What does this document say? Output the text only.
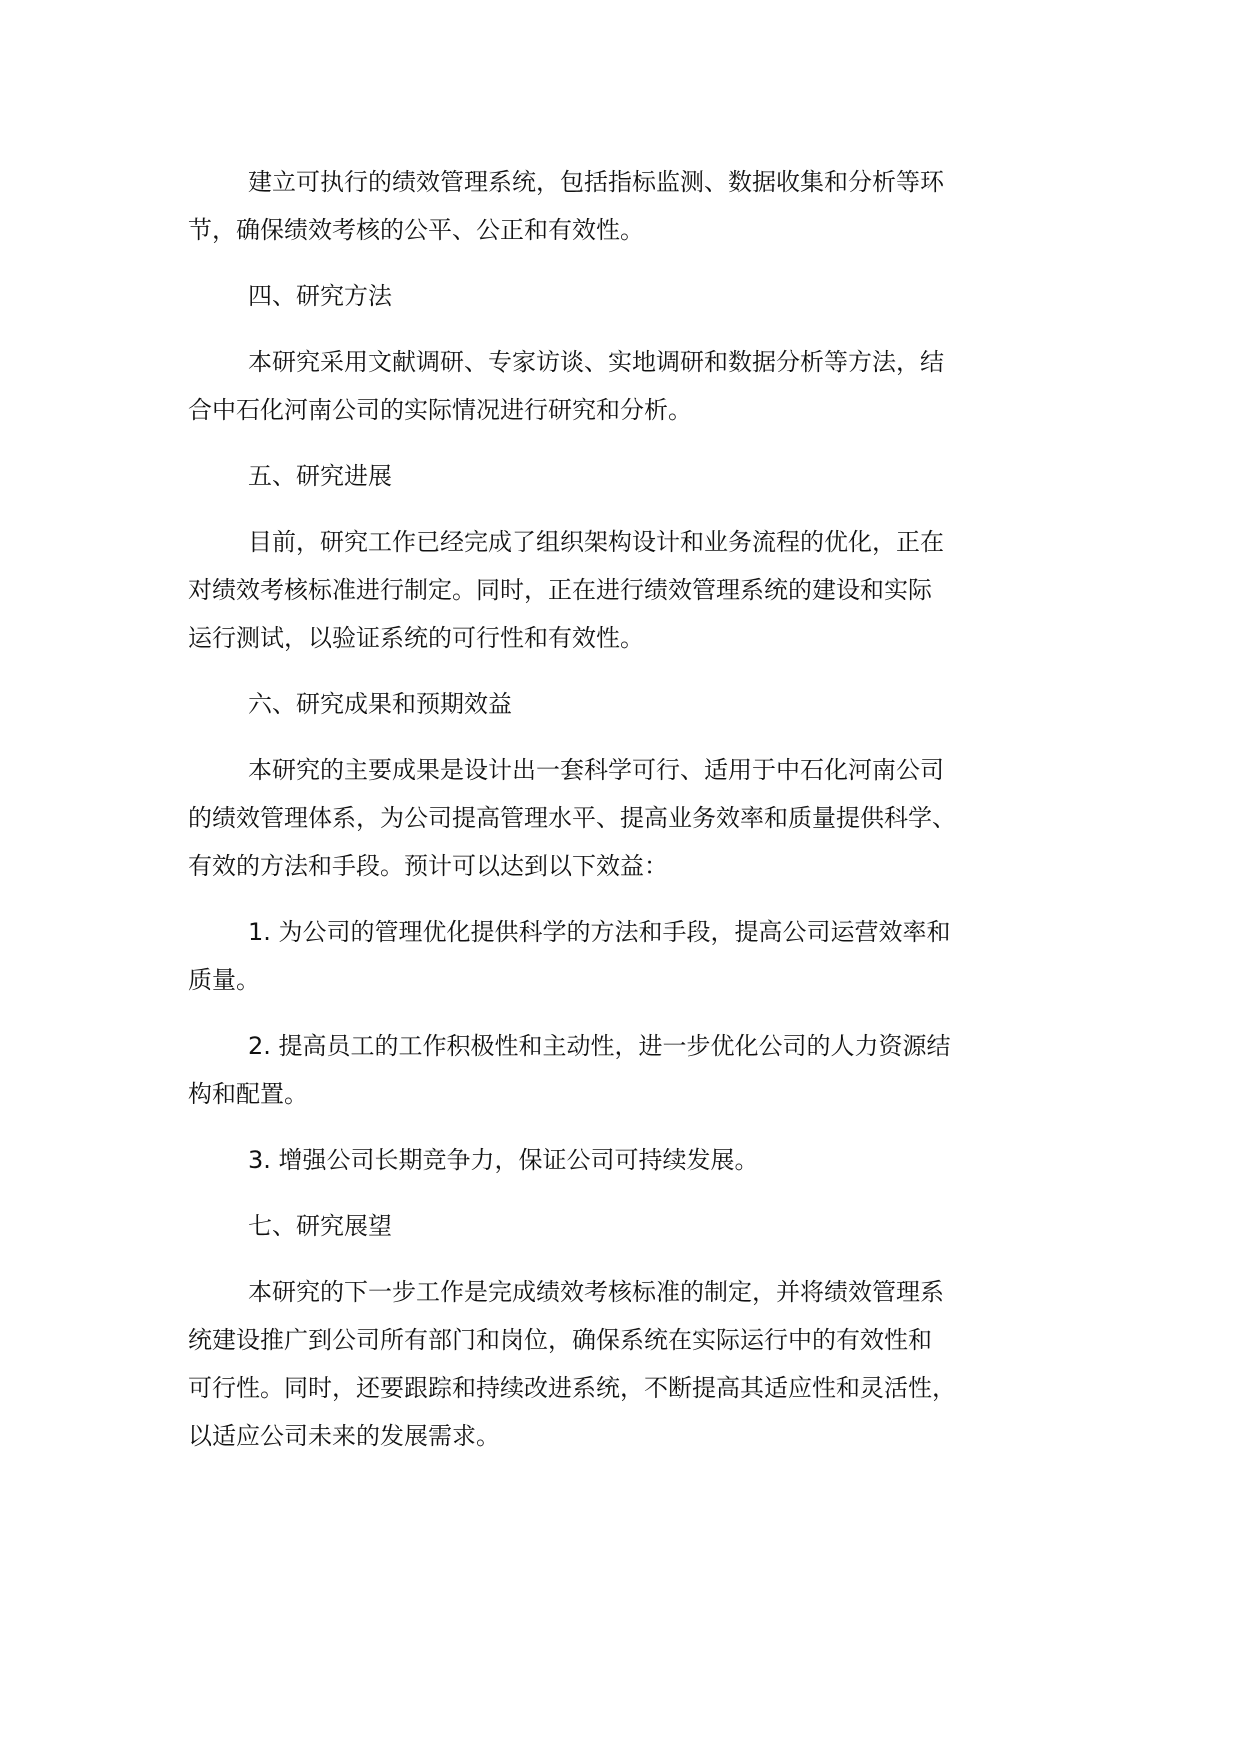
建立可执行的绩效管理系统，包括指标监测、数据收集和分析等环
节，确保绩效考核的公平、公正和有效性。
四、研究方法
本研究采用文献调研、专家访谈、实地调研和数据分析等方法，结
合中石化河南公司的实际情况进行研究和分析。
五、研究进展
目前，研究工作已经完成了组织架构设计和业务流程的优化，正在
对绩效考核标准进行制定。同时，正在进行绩效管理系统的建设和实际
运行测试，以验证系统的可行性和有效性。
六、研究成果和预期效益
本研究的主要成果是设计出一套科学可行、适用于中石化河南公司
的绩效管理体系，为公司提高管理水平、提高业务效率和质量提供科学、
有效的方法和手段。预计可以达到以下效益：
1. 为公司的管理优化提供科学的方法和手段，提高公司运营效率和
质量。
2. 提高员工的工作积极性和主动性，进一步优化公司的人力资源结
构和配置。
3. 增强公司长期竞争力，保证公司可持续发展。
七、研究展望
本研究的下一步工作是完成绩效考核标准的制定，并将绩效管理系
统建设推广到公司所有部门和岗位，确保系统在实际运行中的有效性和
可行性。同时，还要跟踪和持续改进系统，不断提高其适应性和灵活性，
以适应公司未来的发展需求。
